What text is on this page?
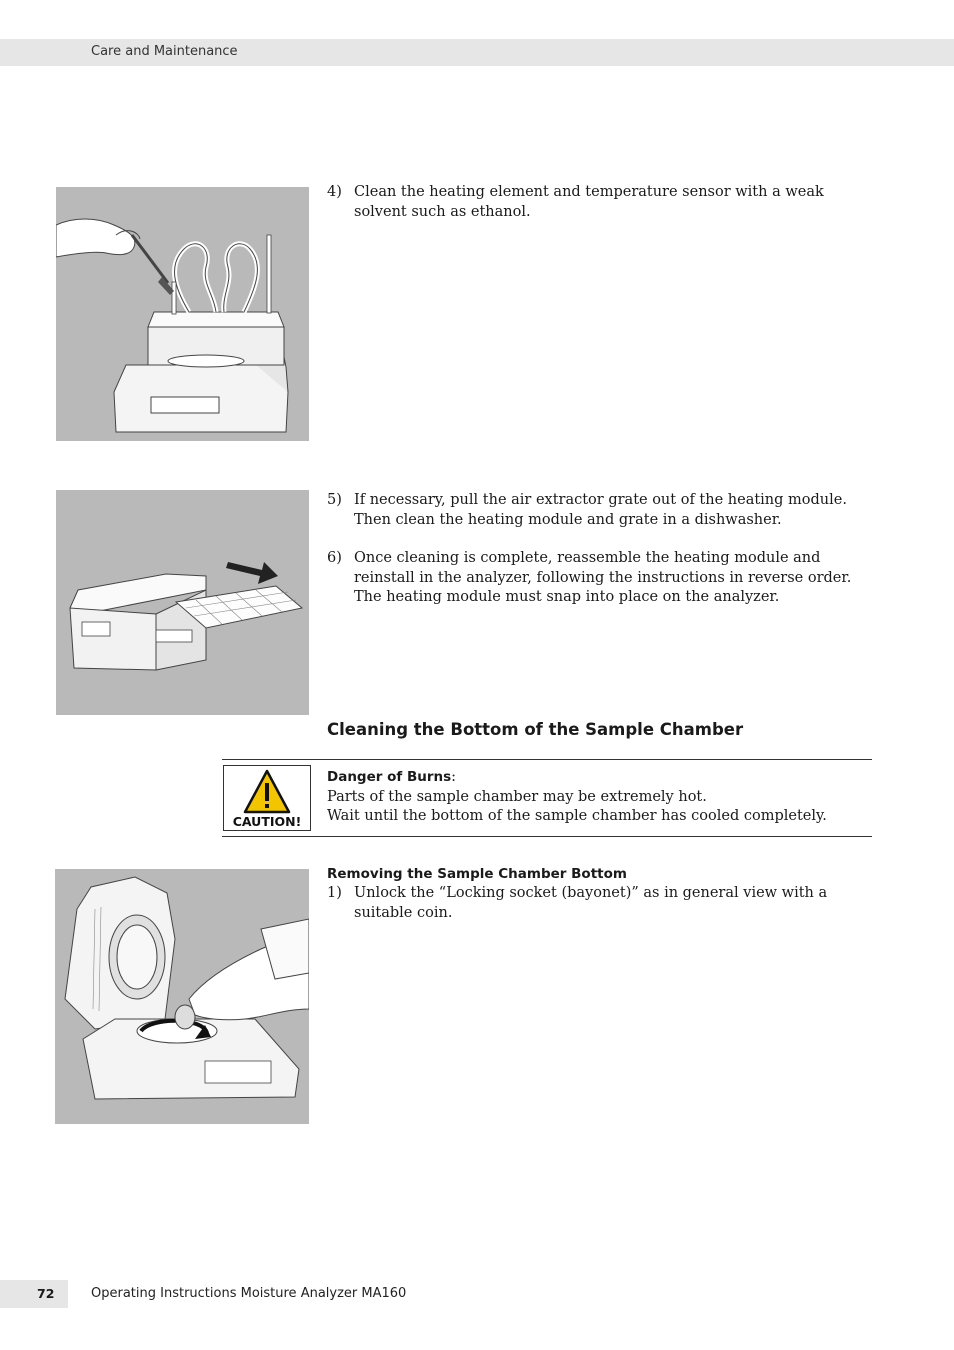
Care and Maintenance
4) Clean the heating element and temperature sensor with a weak solvent such as ethanol.
5) If necessary, pull the air extractor grate out of the heating module. Then clean the heating module and grate in a dishwasher.
6) Once cleaning is complete, reassemble the heating module and reinstall in the analyzer, following the instructions in reverse order. The heating module must snap into place on the analyzer.
Cleaning the Bottom of the Sample Chamber
CAUTION!
Danger of Burns:
Parts of the sample chamber may be extremely hot.
Wait until the bottom of the sample chamber has cooled completely.
Removing the Sample Chamber Bottom
1) Unlock the “Locking socket (bayonet)” as in general view with a suitable coin.
72	Operating Instructions Moisture Analyzer MA160
